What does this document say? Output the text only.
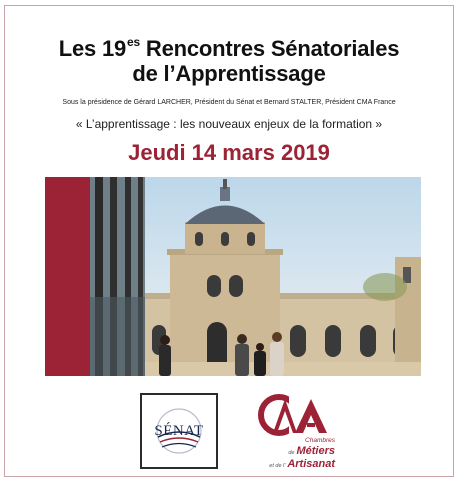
Les $19^{es}$ Rencontres Sénatoriales
de l’Apprentissage
Sous la présidence de Gérard LARCHER, Président du Sénat et Bernard STALTER, Président CMA France
« L’apprentissage : les nouveaux enjeux de la formation »
Jeudi 14 mars 2019
SÉNAT
Chambres
de Métiers
et de l' Artisanat
